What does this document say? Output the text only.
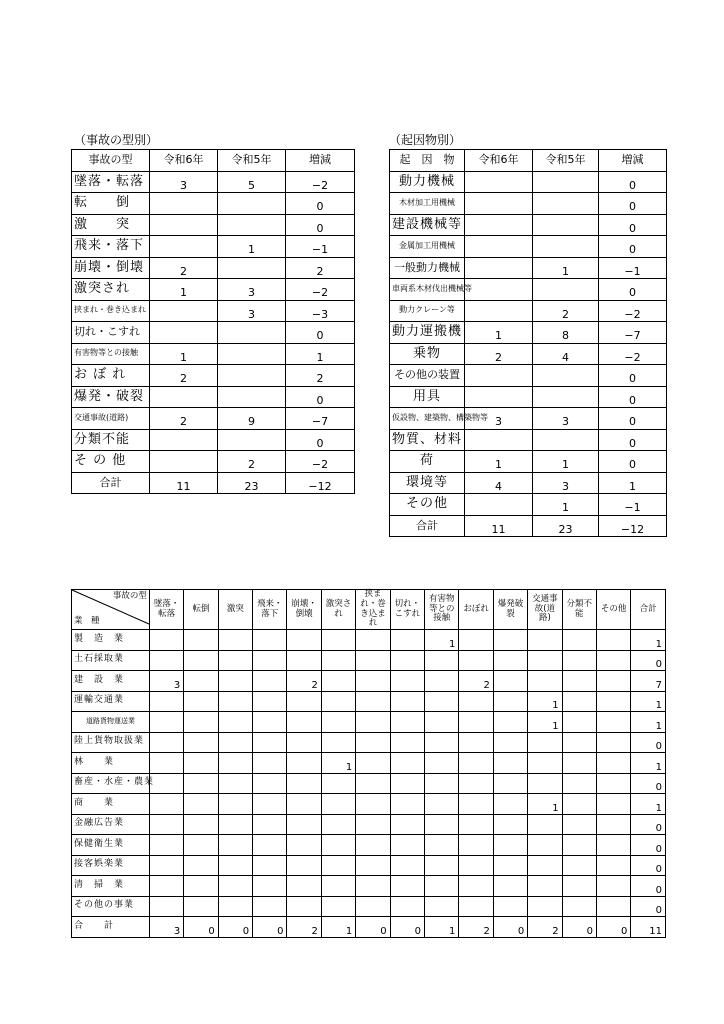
（事故の型別）	（起因物別）
事故の型	令和6年	令和5年	増減
墜落・転落	3	5	−2
転　　倒			0
激　　突			0
飛来・落下		1	−1
崩壊・倒壊	2		2
激突され	1	3	−2
挟まれ・巻き込まれ		3	−3
切れ・こすれ			0
有害物等との接触	1		1
お ぼ れ	2		2
爆発・破裂			0
交通事故(道路)	2	9	−7
分類不能			0
そ の 他		2	−2
合計	11	23	−12
起　因　物	令和6年	令和5年	増減
動力機械			0
木材加工用機械			0
建設機械等			0
金属加工用機械			0
一般動力機械		1	−1
車両系木材伐出機械等			0
動力クレーン等		2	−2
動力運搬機	1	8	−7
乗物	2	4	−2
その他の装置			0
用具			0
仮設物、建築物、構築物等	3	3	0
物質、材料			0
荷	1	1	0
環境等	4	3	1
その他		1	−1
合計	11	23	−12
事故の型
業　種	墜落・転落	転倒	激突	飛来・落下	崩壊・倒壊	激突され	挟まれ・巻き込まれ	切れ・こすれ	有害物等との接触	おぼれ	爆発破裂	交通事故(道路)	分類不能	その他	合計
製　造　業									1						1
土石採取業															0
建　設　業	3				2					2					7
運輸交通業												1			1
道路貨物運送業												1			1
陸上貨物取扱業															0
林　　業						1									1
畜産・水産・農業															0
商　　業												1			1
金融広告業															0
保健衛生業															0
接客娯楽業															0
清　掃　業															0
その他の事業															0
合　　計	3	0	0	0	2	1	0	0	1	2	0	2	0	0	11
